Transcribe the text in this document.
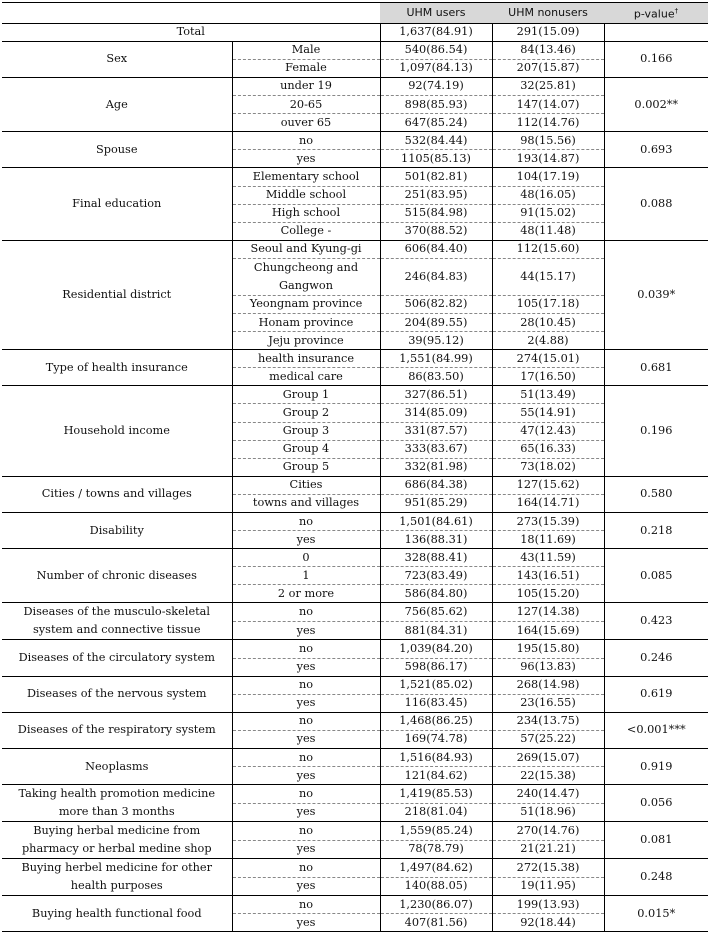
		UHM users	UHM nonusers	p-value†
Total		1,637(84.91)	291(15.09)	
Sex	Male	540(86.54)	84(13.46)	0.166
	Female	1,097(84.13)	207(15.87)	
Age	under 19	92(74.19)	32(25.81)	0.002**
	20-65	898(85.93)	147(14.07)	
	ouver 65	647(85.24)	112(14.76)	
Spouse	no	532(84.44)	98(15.56)	0.693
	yes	1105(85.13)	193(14.87)	
Final education	Elementary school	501(82.81)	104(17.19)	0.088
	Middle school	251(83.95)	48(16.05)	
	High school	515(84.98)	91(15.02)	
	College -	370(88.52)	48(11.48)	
Residential district	Seoul and Kyung-gi	606(84.40)	112(15.60)	0.039*
	Chungcheong and Gangwon	246(84.83)	44(15.17)	
	Yeongnam province	506(82.82)	105(17.18)	
	Honam province	204(89.55)	28(10.45)	
	Jeju province	39(95.12)	2(4.88)	
Type of health insurance	health insurance	1,551(84.99)	274(15.01)	0.681
	medical care	86(83.50)	17(16.50)	
Household income	Group 1	327(86.51)	51(13.49)	0.196
	Group 2	314(85.09)	55(14.91)	
	Group 3	331(87.57)	47(12.43)	
	Group 4	333(83.67)	65(16.33)	
	Group 5	332(81.98)	73(18.02)	
Cities / towns and villages	Cities	686(84.38)	127(15.62)	0.580
	towns and villages	951(85.29)	164(14.71)	
Disability	no	1,501(84.61)	273(15.39)	0.218
	yes	136(88.31)	18(11.69)	
Number of chronic diseases	0	328(88.41)	43(11.59)	0.085
	1	723(83.49)	143(16.51)	
	2 or more	586(84.80)	105(15.20)	
Diseases of the musculo-skeletal system and connective tissue	no	756(85.62)	127(14.38)	0.423
	yes	881(84.31)	164(15.69)	
Diseases of the circulatory system	no	1,039(84.20)	195(15.80)	0.246
	yes	598(86.17)	96(13.83)	
Diseases of the nervous system	no	1,521(85.02)	268(14.98)	0.619
	yes	116(83.45)	23(16.55)	
Diseases of the respiratory system	no	1,468(86.25)	234(13.75)	<0.001***
	yes	169(74.78)	57(25.22)	
Neoplasms	no	1,516(84.93)	269(15.07)	0.919
	yes	121(84.62)	22(15.38)	
Taking health promotion medicine more than 3 months	no	1,419(85.53)	240(14.47)	0.056
	yes	218(81.04)	51(18.96)	
Buying herbal medicine from pharmacy or herbal medine shop	no	1,559(85.24)	270(14.76)	0.081
	yes	78(78.79)	21(21.21)	
Buying herbel medicine for other health purposes	no	1,497(84.62)	272(15.38)	0.248
	yes	140(88.05)	19(11.95)	
Buying health functional food	no	1,230(86.07)	199(13.93)	0.015*
	yes	407(81.56)	92(18.44)	
